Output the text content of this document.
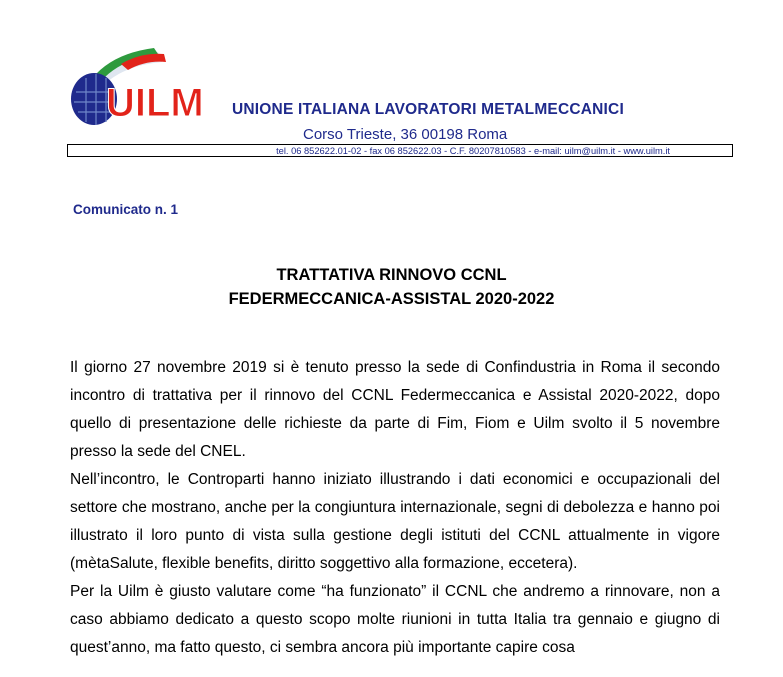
UILM UNIONE ITALIANA LAVORATORI METALMECCANICI
Corso Trieste, 36 00198 Roma
tel. 06 852622.01-02 - fax 06 852622.03 - C.F. 80207810583 - e-mail: uilm@uilm.it - www.uilm.it
Comunicato n. 1
TRATTATIVA RINNOVO CCNL
FEDERMECCANICA-ASSISTAL 2020-2022

Il giorno 27 novembre 2019 si è tenuto presso la sede di Confindustria in Roma il secondo incontro di trattativa per il rinnovo del CCNL Federmeccanica e Assistal 2020-2022, dopo quello di presentazione delle richieste da parte di Fim, Fiom e Uilm svolto il 5 novembre presso la sede del CNEL.

Nell’incontro, le Controparti hanno iniziato illustrando i dati economici e occupazionali del settore che mostrano, anche per la congiuntura internazionale, segni di debolezza e hanno poi illustrato il loro punto di vista sulla gestione degli istituti del CCNL attualmente in vigore (mètaSalute, flexible benefits, diritto soggettivo alla formazione, eccetera).

Per la Uilm è giusto valutare come “ha funzionato” il CCNL che andremo a rinnovare, non a caso abbiamo dedicato a questo scopo molte riunioni in tutta Italia tra gennaio e giugno di quest’anno, ma fatto questo, ci sembra ancora più importante capire cosa
